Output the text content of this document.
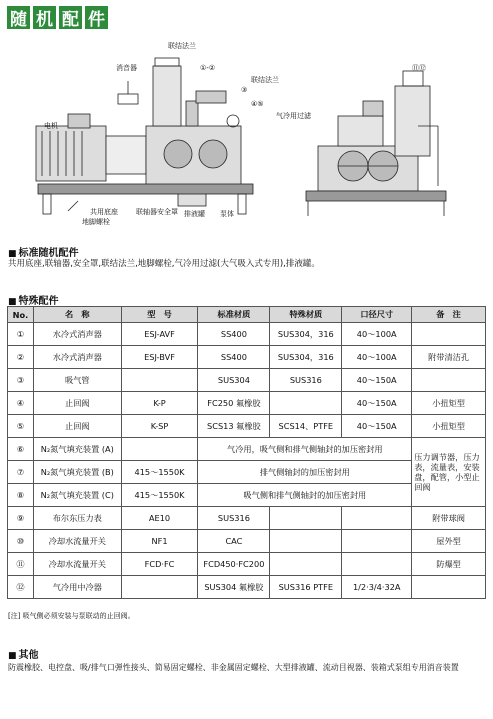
随 机 配 件
联结法兰
消音器	①-②
联结法兰
③
④⑤
⑪⑫
电机
气冷用过滤
共用底座
地脚螺栓
联轴器安全罩 排液罐 泵体
■ 标准随机配件
共用底座,联轴器,安全罩,联结法兰,地脚螺栓,气冷用过滤(大气吸入式专用),排液罐。
■ 特殊配件
No.	名　称	型　号	标准材质	特殊材质	口径尺寸	备　注
①	水冷式消声器	ESJ-AVF	SS400	SUS304，316	40～100A	
②	水冷式消声器	ESJ-BVF	SS400	SUS304，316	40～100A	附带清洁孔
③	吸气管		SUS304	SUS316	40～150A	
④	止回阀	K-P	FC250 氟橡胶		40～150A	小扭矩型
⑤	止回阀	K-SP	SCS13 氟橡胶	SCS14、PTFE	40～150A	小扭矩型
⑥	N₂氮气填充装置 (A)		气冷用，吸气侧和排气侧轴封的加压密封用			压力调节器，压力表，流量表，安装盘，配管，小型止回阀
⑦	N₂氮气填充装置 (B)	415～1550K	排气侧轴封的加压密封用			
⑧	N₂氮气填充装置 (C)	415～1550K	吸气侧和排气侧轴封的加压密封用			
⑨	布尔东压力表	AE10	SUS316			附带球阀
⑩	冷却水流量开关	NF1	CAC			屋外型
⑪	冷却水流量开关	FCD·FC	FCD450·FC200			防爆型
⑫	气冷用中冷器		SUS304 氟橡胶	SUS316 PTFE	1/2·3/4·32A	
[注] 吸气侧必须安装与泵联动的止回阀。
■ 其他
防震橡胶、电控盘、吸/排气口弹性接头、简易固定螺栓、非金属固定螺栓、大型排液罐、流动目视器、装箱式泵组专用消音装置
